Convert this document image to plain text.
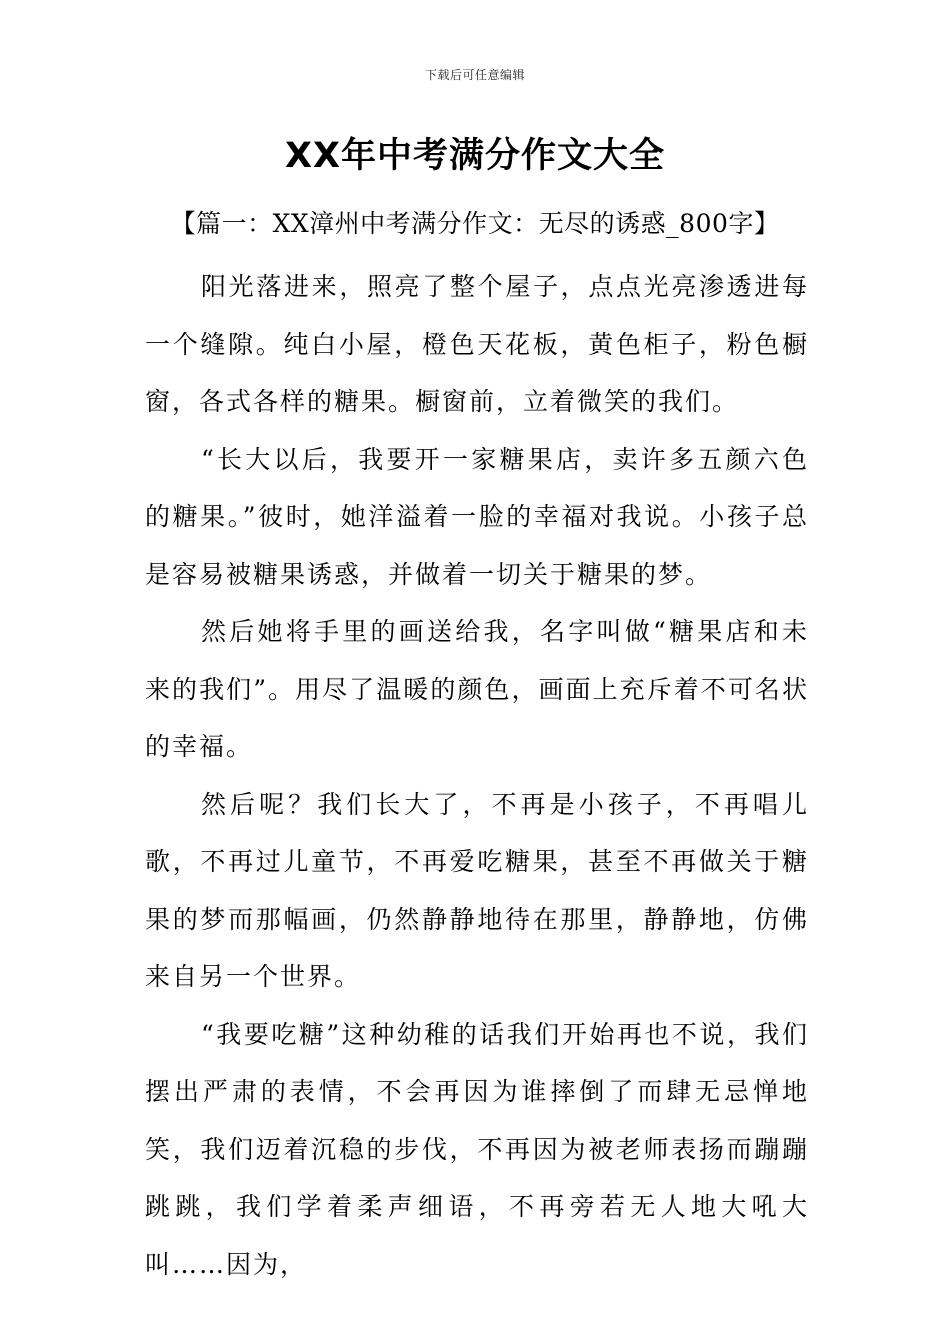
下载后可任意编辑
XX年中考满分作文大全
【篇一：XX漳州中考满分作文：无尽的诱惑_800字】

阳光落进来，照亮了整个屋子，点点光亮渗透进每一个缝隙。纯白小屋，橙色天花板，黄色柜子，粉色橱窗，各式各样的糖果。橱窗前，立着微笑的我们。

“长大以后，我要开一家糖果店，卖许多五颜六色的糖果。”彼时，她洋溢着一脸的幸福对我说。小孩子总是容易被糖果诱惑，并做着一切关于糖果的梦。

然后她将手里的画送给我，名字叫做“糖果店和未来的我们”。用尽了温暖的颜色，画面上充斥着不可名状的幸福。

然后呢？我们长大了，不再是小孩子，不再唱儿歌，不再过儿童节，不再爱吃糖果，甚至不再做关于糖果的梦而那幅画，仍然静静地待在那里，静静地，仿佛来自另一个世界。

“我要吃糖”这种幼稚的话我们开始再也不说，我们摆出严肃的表情，不会再因为谁摔倒了而肆无忌惮地笑，我们迈着沉稳的步伐，不再因为被老师表扬而蹦蹦跳跳，我们学着柔声细语，不再旁若无人地大吼大叫……因为，
